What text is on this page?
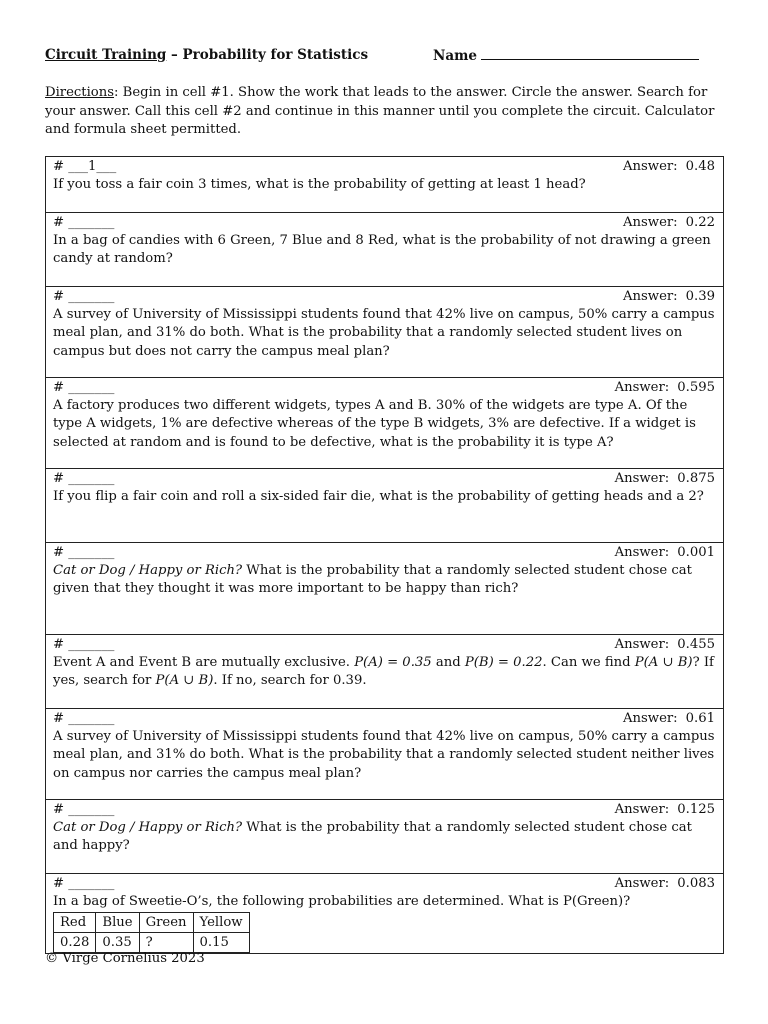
Circuit Training – Probability for Statistics	Name
Directions: Begin in cell #1. Show the work that leads to the answer. Circle the answer. Search for your answer. Call this cell #2 and continue in this manner until you complete the circuit. Calculator and formula sheet permitted.
# ___1___	Answer: 0.48
If you toss a fair coin 3 times, what is the probability of getting at least 1 head?
# _______	Answer: 0.22
In a bag of candies with 6 Green, 7 Blue and 8 Red, what is the probability of not drawing a green candy at random?
# _______	Answer: 0.39
A survey of University of Mississippi students found that 42% live on campus, 50% carry a campus meal plan, and 31% do both. What is the probability that a randomly selected student lives on campus but does not carry the campus meal plan?
# _______	Answer: 0.595
A factory produces two different widgets, types A and B. 30% of the widgets are type A. Of the type A widgets, 1% are defective whereas of the type B widgets, 3% are defective. If a widget is selected at random and is found to be defective, what is the probability it is type A?
# _______	Answer: 0.875
If you flip a fair coin and roll a six-sided fair die, what is the probability of getting heads and a 2?
# _______	Answer: 0.001
Cat or Dog / Happy or Rich? What is the probability that a randomly selected student chose cat given that they thought it was more important to be happy than rich?
# _______	Answer: 0.455
Event A and Event B are mutually exclusive. P(A) = 0.35 and P(B) = 0.22. Can we find P(A ∪ B)? If yes, search for P(A ∪ B). If no, search for 0.39.
# _______	Answer: 0.61
A survey of University of Mississippi students found that 42% live on campus, 50% carry a campus meal plan, and 31% do both. What is the probability that a randomly selected student neither lives on campus nor carries the campus meal plan?
# _______	Answer: 0.125
Cat or Dog / Happy or Rich? What is the probability that a randomly selected student chose cat and happy?
# _______	Answer: 0.083
In a bag of Sweetie-O’s, the following probabilities are determined. What is P(Green)?
Red	Blue	Green	Yellow
0.28	0.35	?	0.15
© Virge Cornelius 2023
